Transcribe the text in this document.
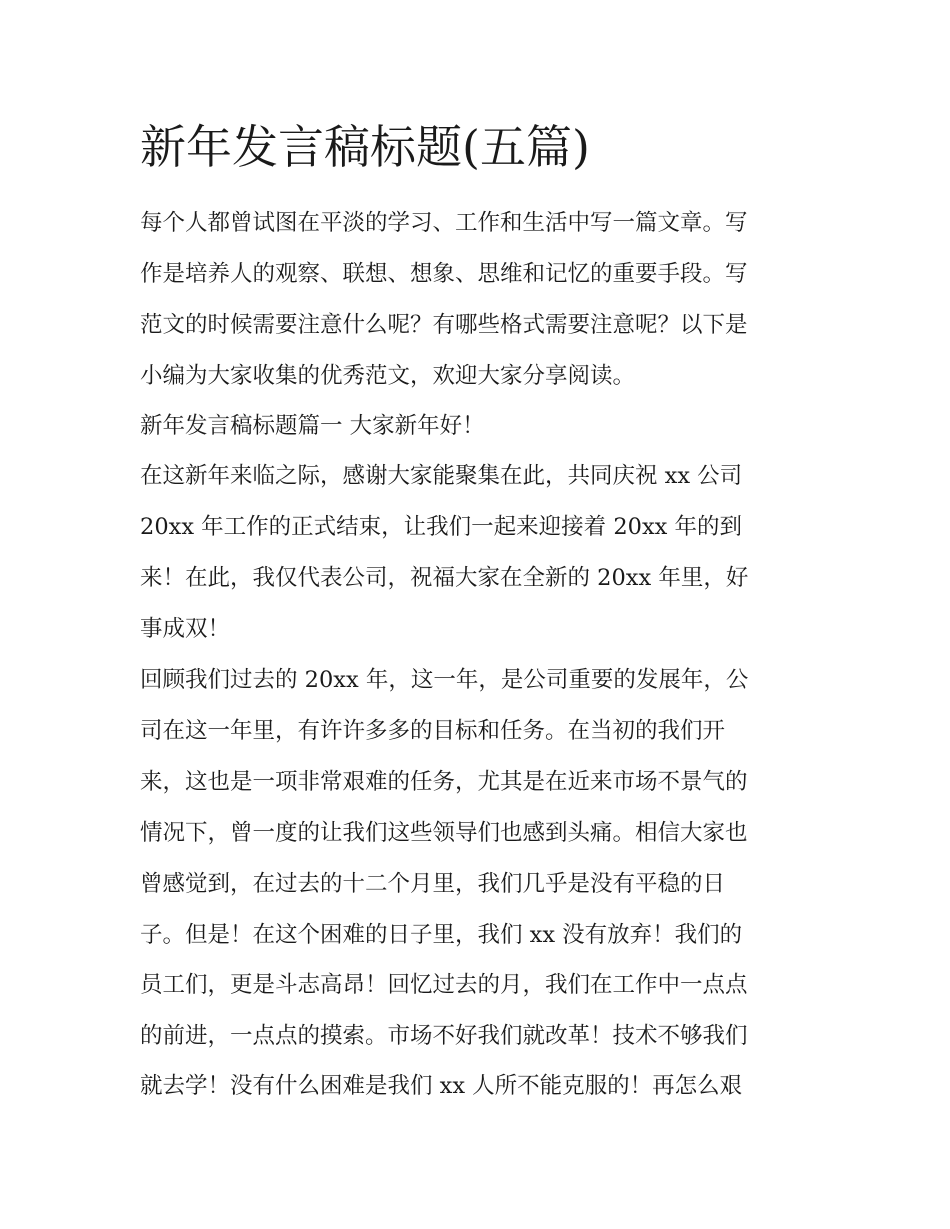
新年发言稿标题(五篇)

每个人都曾试图在平淡的学习、工作和生活中写一篇文章。写

作是培养人的观察、联想、想象、思维和记忆的重要手段。写

范文的时候需要注意什么呢？有哪些格式需要注意呢？以下是

小编为大家收集的优秀范文，欢迎大家分享阅读。

新年发言稿标题篇一 大家新年好！

在这新年来临之际，感谢大家能聚集在此，共同庆祝 xx 公司

20xx 年工作的正式结束，让我们一起来迎接着 20xx 年的到

来！在此，我仅代表公司，祝福大家在全新的 20xx 年里，好

事成双！

回顾我们过去的 20xx 年，这一年，是公司重要的发展年，公

司在这一年里，有许许多多的目标和任务。在当初的我们开

来，这也是一项非常艰难的任务，尤其是在近来市场不景气的

情况下，曾一度的让我们这些领导们也感到头痛。相信大家也

曾感觉到，在过去的十二个月里，我们几乎是没有平稳的日

子。但是！在这个困难的日子里，我们 xx 没有放弃！我们的

员工们，更是斗志高昂！回忆过去的月，我们在工作中一点点

的前进，一点点的摸索。市场不好我们就改革！技术不够我们

就去学！没有什么困难是我们 xx 人所不能克服的！再怎么艰
